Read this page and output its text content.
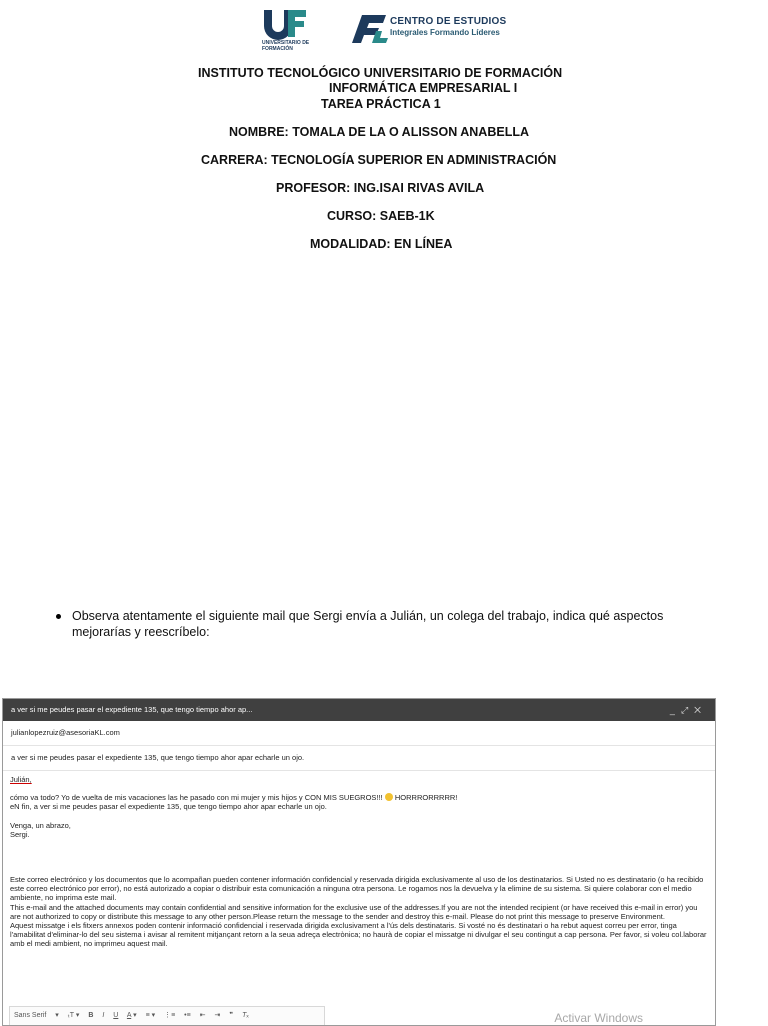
UNIVERSITARIO DE
FORMACIÓN
CENTRO DE ESTUDIOS
Integrales Formando Líderes
INSTITUTO TECNOLÓGICO UNIVERSITARIO DE FORMACIÓN
INFORMÁTICA EMPRESARIAL I
TAREA PRÁCTICA 1
NOMBRE: TOMALA DE LA O ALISSON ANABELLA
CARRERA: TECNOLOGÍA SUPERIOR EN ADMINISTRACIÓN
PROFESOR: ING.ISAI RIVAS AVILA
CURSO: SAEB-1K
MODALIDAD: EN LÍNEA
Observa atentamente el siguiente mail que Sergi envía a Julián, un colega del trabajo, indica qué aspectos mejorarías y reescríbelo:
a ver si me peudes pasar el expediente 135, que tengo tiempo ahor ap...	_⤢✕
julianlopezruiz@asesoriaKL.com
a ver si me peudes pasar el expediente 135, que tengo tiempo ahor apar echarle un ojo.

Julián,

cómo va todo? Yo de vuelta de mis vacaciones las he pasado con mi mujer y mis hijos y CON MIS SUEGROS!!! HORRRORRRRR!

eN fin, a ver si me peudes pasar el expediente 135, que tengo tiempo ahor apar echarle un ojo.

Venga, un abrazo,

Sergi.

Este correo electrónico y los documentos que lo acompañan pueden contener información confidencial y reservada dirigida exclusivamente al uso de los destinatarios. Si Usted no es destinatario (o ha recibido este correo electrónico por error), no está autorizado a copiar o distribuir esta comunicación a ninguna otra persona. Le rogamos nos la devuelva y la elimine de su sistema. Si quiere colaborar con el medio ambiente, no imprima este mail.

This e-mail and the attached documents may contain confidential and sensitive information for the exclusive use of the addresses.If you are not the intended recipient (or have received this e-mail in error) you are not authorized to copy or distribute this message to any other person.Please return the message to the sender and destroy this e-mail. Please do not print this message to preserve Environment.

Aquest missatge i els fitxers annexos poden contenir informació confidencial i reservada dirigida exclusivament a l'ús dels destinataris. Si vosté no és destinatari o ha rebut aquest correu per error, tinga l'amabilitat d'eliminar-lo del seu sistema i avisar al remitent mitjançant retorn a la seua adreça electrònica; no haurà de copiar el missatge ni divulgar el seu contingut a cap persona. Per favor, si voleu col.laborar amb el medi ambient, no imprimeu aquest mail.

Sans Serif ▾ ₜT ▾ B I U A ▾ ≡ ▾ ⋮≡ •≡ ⇤ ⇥ ❞ Tₓ	Activar Windows
